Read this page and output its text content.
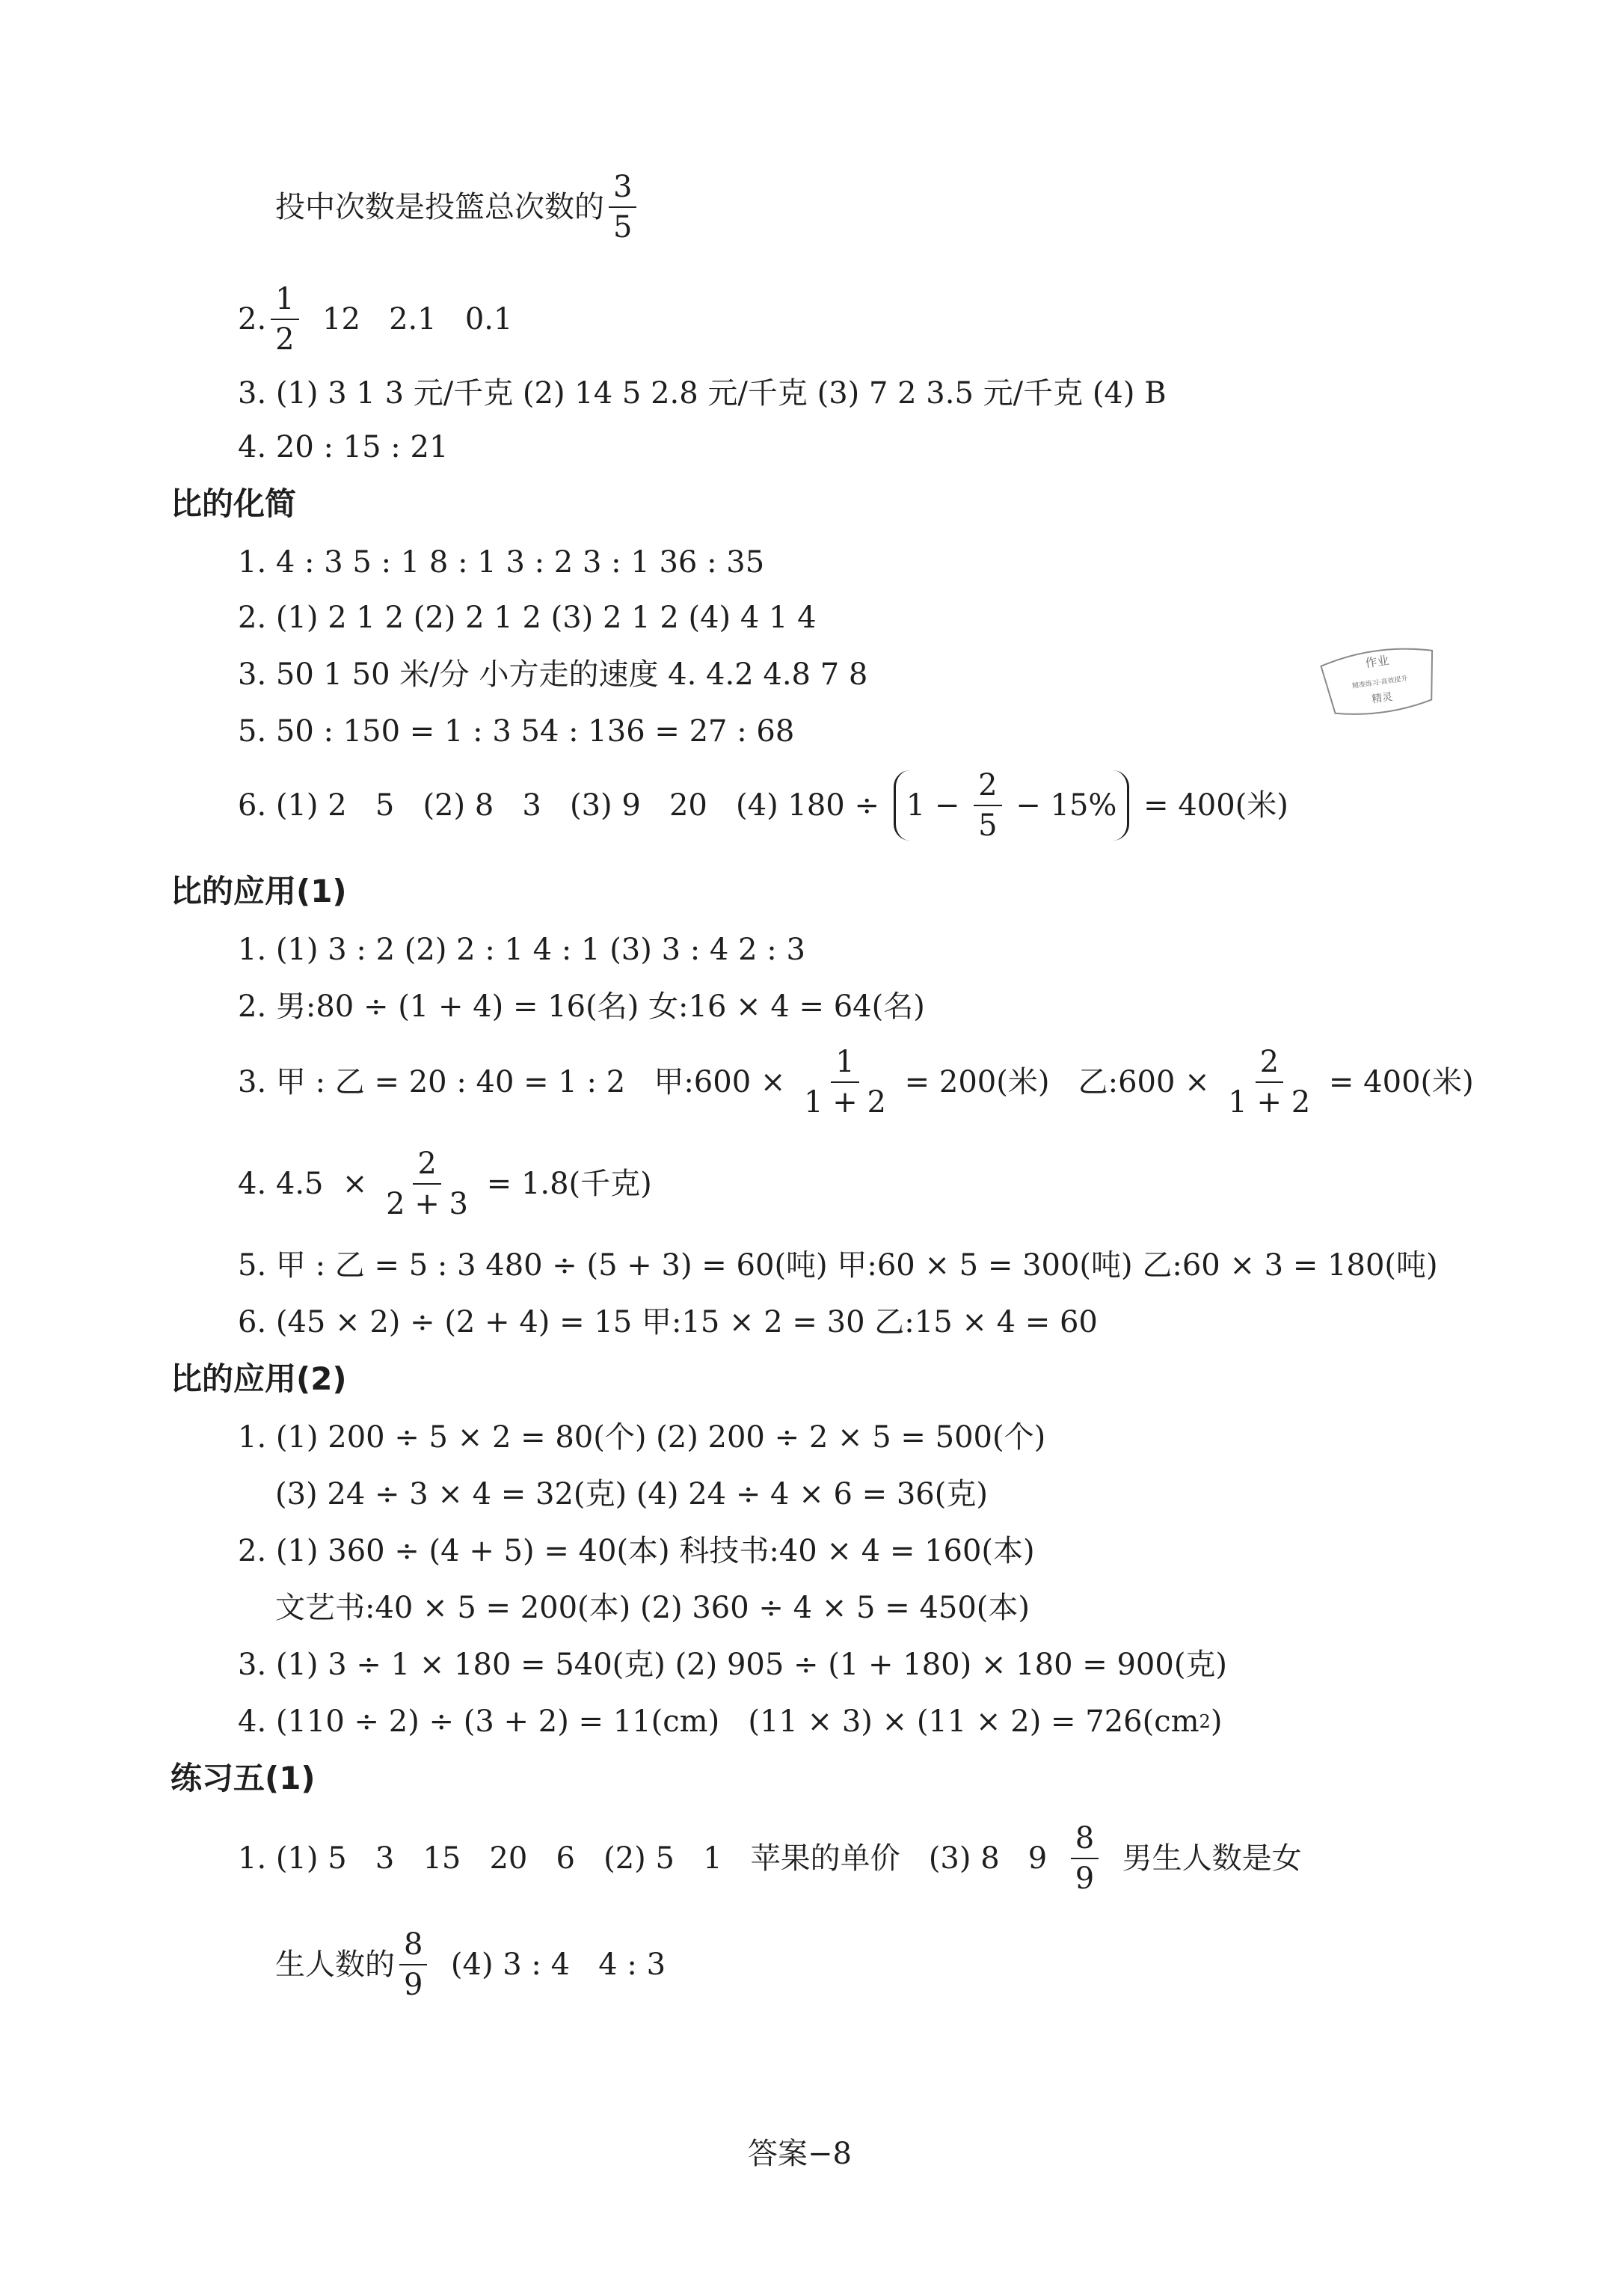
投中次数是投篮总次数的 $\frac{3}{5}$
2. $\frac{1}{2} 12$   2.1   0.1
3. (1) 3 1 3 元/千克 (2) 14 5 2.8 元/千克 (3) 7 2 3.5 元/千克 (4) B
4. 20 : 15 : 21
比的化简
1. 4 : 3 5 : 1 8 : 1 3 : 2 3 : 1 36 : 35
2. (1) 2 1 2 (2) 2 1 2 (3) 2 1 2 (4) 4 1 4
3. 50 1 50 米/分 小方走的速度 4. 4.2 4.8 7 8
5. 50 : 150 = 1 : 3 54 : 136 = 27 : 68
6. (1) 2   5   (2) 8   3   (3) 9   20   (4) $180 \div 1 - \frac{2}{5} - 15\% = 400$(米)
比的应用(1)
1. (1) 3 : 2 (2) 2 : 1 4 : 1 (3) 3 : 4 2 : 3
2. 男:80 ÷ (1 + 4) = 16(名) 女:16 × 4 = 64(名)
3. 甲 : 乙 = 20 : 40 = 1 : 2   甲:600 × $\frac{1}{1 + 2} = 200$(米)   乙:600 × $\frac{2}{1 + 2} = 400$(米)
4. $4.5 \times \frac{2}{2 + 3} = 1.8$(千克)
5. 甲 : 乙 = 5 : 3 480 ÷ (5 + 3) = 60(吨) 甲:60 × 5 = 300(吨) 乙:60 × 3 = 180(吨)
6. (45 × 2) ÷ (2 + 4) = 15 甲:15 × 2 = 30 乙:15 × 4 = 60
比的应用(2)
1. (1) 200 ÷ 5 × 2 = 80(个) (2) 200 ÷ 2 × 5 = 500(个)
(3) 24 ÷ 3 × 4 = 32(克) (4) 24 ÷ 4 × 6 = 36(克)
2. (1) 360 ÷ (4 + 5) = 40(本) 科技书:40 × 4 = 160(本)
文艺书:40 × 5 = 200(本) (2) 360 ÷ 4 × 5 = 450(本)
3. (1) 3 ÷ 1 × 180 = 540(克) (2) 905 ÷ (1 + 180) × 180 = 900(克)
4. (110 ÷ 2) ÷ (3 + 2) = 11(cm)   (11 × 3) × (11 × 2) = 726(cm 2 )
练习五(1)
1. (1) 5   3   15   20   6   (2) 5   1   苹果的单价   (3) 8   $9 \frac{8}{9}$ 男生人数是女
生人数的 $\frac{8}{9} (4)$ 3 : 4   4 : 3
作业
精准练习·高效提升
精灵
答案−8
